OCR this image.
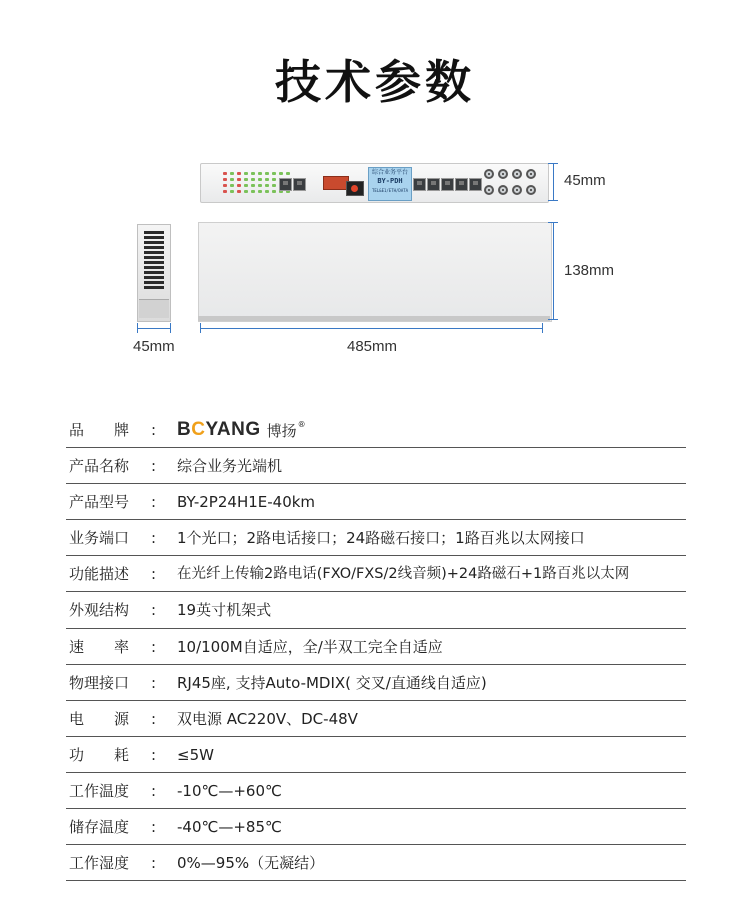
技术参数
综合业务平台
BY-PDH
TEL&E1/ETH/DATA
45mm
138mm
45mm	485mm
品　　牌	: BCYANG 博扬 ®
产品名称	: 综合业务光端机
产品型号	: BY-2P24H1E-40km
业务端口	: 1个光口；2路电话接口；24路磁石接口；1路百兆以太网接口
功能描述	: 在光纤上传输2路电话(FXO/FXS/2线音频)+24路磁石+1路百兆以太网
外观结构	: 19英寸机架式
速　　率	: 10/100M自适应，全/半双工完全自适应
物理接口	: RJ45座, 支持Auto-MDIX( 交叉/直通线自适应)
电　　源	: 双电源 AC220V、DC-48V
功　　耗	: ≤5W
工作温度	: -10℃—+60℃
储存温度	: -40℃—+85℃
工作湿度	: 0%—95%（无凝结）
